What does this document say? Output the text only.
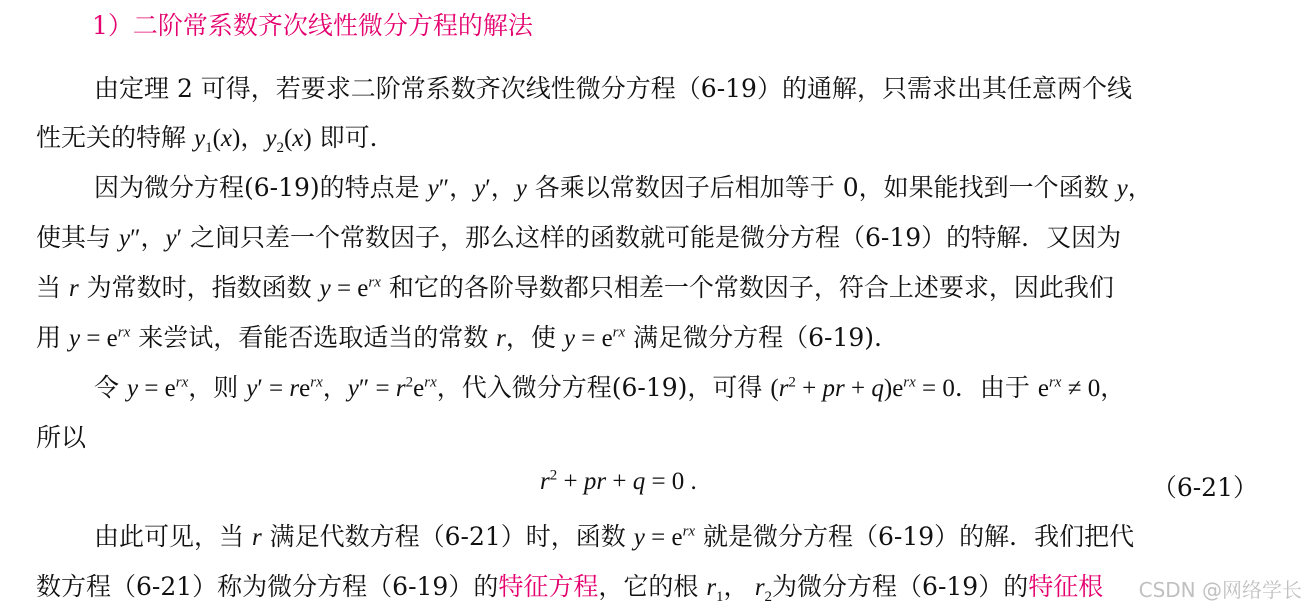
1）二阶常系数齐次线性微分方程的解法

由定理 2 可得，若要求二阶常系数齐次线性微分方程（6-19）的通解，只需求出其任意两个线
性无关的特解 $y_1(x)$，$y_2(x)$ 即可．

因为微分方程(6-19)的特点是 y″，y′，y 各乘以常数因子后相加等于 0，如果能找到一个函数 y，
使其与 y″，y′ 之间只差一个常数因子，那么这样的函数就可能是微分方程（6-19）的特解．又因为
当 r 为常数时，指数函数 $y = e^{rx}$ 和它的各阶导数都只相差一个常数因子，符合上述要求，因此我们
用 $y = e^{rx}$ 来尝试，看能否选取适当的常数 r，使 $y = e^{rx}$ 满足微分方程（6-19).

令 $y = e^{rx}$，则 $y' = re^{rx}$，$y'' = r^2e^{rx}$，代入微分方程(6-19)，可得 ($r^2$ + pr + $q)e^{rx} = 0$．由于 $e^{rx} \ne 0$，
所以

$r^2$ + pr + q = 0 .	（6-21）

由此可见，当 r 满足代数方程（6-21）时，函数 $y = e^{rx}$ 就是微分方程（6-19）的解．我们把代
数方程（6-21）称为微分方程（6-19）的特征方程，它的根 $r_1$， $r_2$为微分方程（6-19）的特征根	CSDN @网络学长
